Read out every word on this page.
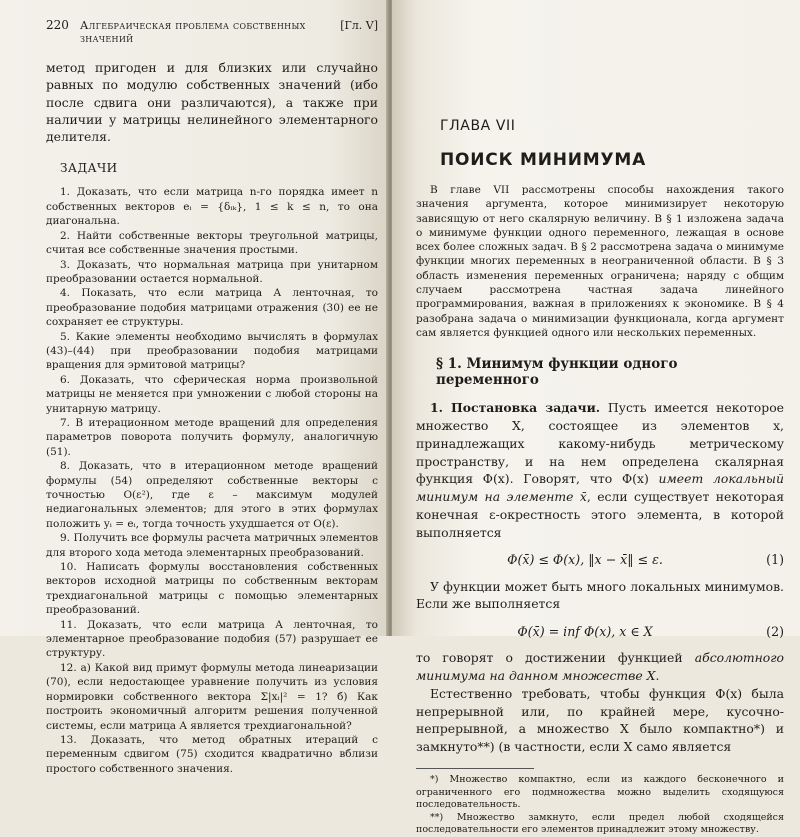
220	Алгебраическая проблема собственных значений
[Гл. V]

метод пригоден и для близких или случайно равных по модулю собственных значений (ибо после сдвига они различаются), а также при наличии у матрицы нелинейного элементарного делителя.

ЗАДАЧИ

1. Доказать, что если матрица n-го порядка имеет n собственных векторов eᵢ = {δᵢₖ}, 1 ≤ k ≤ n, то она диагональна.

2. Найти собственные векторы треугольной матрицы, считая все собственные значения простыми.

3. Доказать, что нормальная матрица при унитарном преобразовании остается нормальной.

4. Показать, что если матрица A ленточная, то преобразование подобия матрицами отражения (30) ее не сохраняет ее структуры.

5. Какие элементы необходимо вычислять в формулах (43)–(44) при преобразовании подобия матрицами вращения для эрмитовой матрицы?

6. Доказать, что сферическая норма произвольной матрицы не меняется при умножении с любой стороны на унитарную матрицу.

7. В итерационном методе вращений для определения параметров поворота получить формулу, аналогичную (51).

8. Доказать, что в итерационном методе вращений формулы (54) определяют собственные векторы с точностью O(ε²), где ε – максимум модулей недиагональных элементов; для этого в этих формулах положить yᵢ = eᵢ, тогда точность ухудшается от O(ε).

9. Получить все формулы расчета матричных элементов для второго хода метода элементарных преобразований.

10. Написать формулы восстановления собственных векторов исходной матрицы по собственным векторам трехдиагональной матрицы с помощью элементарных преобразований.

11. Доказать, что если матрица A ленточная, то элементарное преобразование подобия (57) разрушает ее структуру.

12. а) Какой вид примут формулы метода линеаризации (70), если недостающее уравнение получить из условия нормировки собственного вектора Σ|xᵢ|² = 1? б) Как построить экономичный алгоритм решения полученной системы, если матрица A является трехдиагональной?

13. Доказать, что метод обратных итераций с переменным сдвигом (75) сходится квадратично вблизи простого собственного значения.

ГЛАВА VII
ПОИСК МИНИМУМА

В главе VII рассмотрены способы нахождения такого значения аргумента, которое минимизирует некоторую зависящую от него скалярную величину. В § 1 изложена задача о минимуме функции одного переменного, лежащая в основе всех более сложных задач. В § 2 рассмотрена задача о минимуме функции многих переменных в неограниченной области. В § 3 область изменения переменных ограничена; наряду с общим случаем рассмотрена частная задача линейного программирования, важная в приложениях к экономике. В § 4 разобрана задача о минимизации функционала, когда аргумент сам является функцией одного или нескольких переменных.

§ 1. Минимум функции одного переменного

1. Постановка задачи. Пусть имеется некоторое множество X, состоящее из элементов x, принадлежащих какому-нибудь метрическому пространству, и на нем определена скалярная функция Φ(x). Говорят, что Φ(x) имеет локальный минимум на элементе x̄, если существует некоторая конечная ε-окрестность этого элемента, в которой выполняется

Φ(x̄) ≤ Φ(x), ‖x − x̄‖ ≤ ε.	(1)

У функции может быть много локальных минимумов. Если же выполняется

Φ(x̄) = inf Φ(x), x ∈ X	(2)

то говорят о достижении функцией абсолютного минимума на данном множестве X.

Естественно требовать, чтобы функция Φ(x) была непрерывной или, по крайней мере, кусочно-непрерывной, а множество X было компактно*) и замкнуто**) (в частности, если X само является

*) Множество компактно, если из каждого бесконечного и ограниченного его подмножества можно выделить сходящуюся последовательность.

**) Множество замкнуто, если предел любой сходящейся последовательности его элементов принадлежит этому множеству.
